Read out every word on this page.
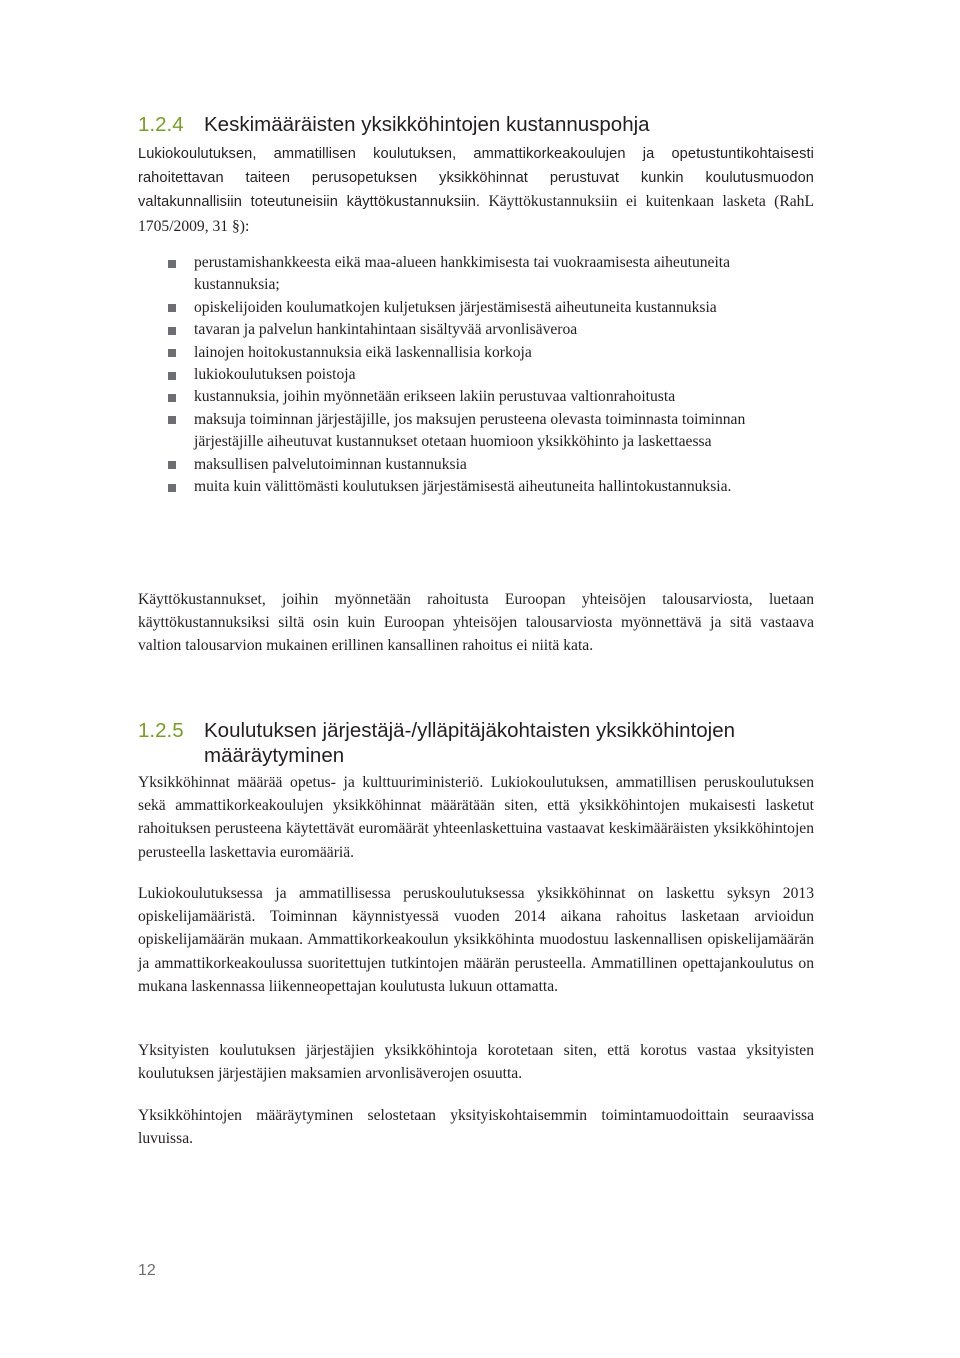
1.2.4 Keskimääräisten yksikköhintojen kustannuspohja

Lukiokoulutuksen, ammatillisen koulutuksen, ammattikorkeakoulujen ja opetustuntikohtaisesti rahoitettavan taiteen perusopetuksen yksikköhinnat perustuvat kunkin koulutusmuodon valtakunnallisiin toteutuneisiin käyttökustannuksiin. Käyttökustannuksiin ei kuitenkaan lasketa (RahL 1705/2009, 31 §):

perustamishankkeesta eikä maa-alueen hankkimisesta tai vuokraamisesta aiheutuneita kustannuksia;
opiskelijoiden koulumatkojen kuljetuksen järjestämisestä aiheutuneita kustannuksia
tavaran ja palvelun hankintahintaan sisältyvää arvonlisäveroa
lainojen hoitokustannuksia eikä laskennallisia korkoja
lukiokoulutuksen poistoja
kustannuksia, joihin myönnetään erikseen lakiin perustuvaa valtionrahoitusta
maksuja toiminnan järjestäjille, jos maksujen perusteena olevasta toiminnasta toiminnan järjestäjille aiheutuvat kustannukset otetaan huomioon yksikköhinto ja laskettaessa
maksullisen palvelutoiminnan kustannuksia
muita kuin välittömästi koulutuksen järjestämisestä aiheutuneita hallintokustannuksia.

Käyttökustannukset, joihin myönnetään rahoitusta Euroopan yhteisöjen talousarviosta, luetaan käyttökustannuksiksi siltä osin kuin Euroopan yhteisöjen talousarviosta myönnettävä ja sitä vastaava valtion talousarvion mukainen erillinen kansallinen rahoitus ei niitä kata.

1.2.5 Koulutuksen järjestäjä-/ylläpitäjäkohtaisten yksikköhintojen määräytyminen

Yksikköhinnat määrää opetus- ja kulttuuriministeriö. Lukiokoulutuksen, ammatillisen peruskoulutuksen sekä ammattikorkeakoulujen yksikköhinnat määrätään siten, että yksikköhintojen mukaisesti lasketut rahoituksen perusteena käytettävät euromäärät yhteenlaskettuina vastaavat keskimääräisten yksikköhintojen perusteella laskettavia euromääriä.

Lukiokoulutuksessa ja ammatillisessa peruskoulutuksessa yksikköhinnat on laskettu syksyn 2013 opiskelijamääristä. Toiminnan käynnistyessä vuoden 2014 aikana rahoitus lasketaan arvioidun opiskelijamäärän mukaan. Ammattikorkeakoulun yksikköhinta muodostuu laskennallisen opiskelijamäärän ja ammattikorkeakoulussa suoritettujen tutkintojen määrän perusteella. Ammatillinen opettajankoulutus on mukana laskennassa liikenneopettajan koulutusta lukuun ottamatta.

Yksityisten koulutuksen järjestäjien yksikköhintoja korotetaan siten, että korotus vastaa yksityisten koulutuksen järjestäjien maksamien arvonlisäverojen osuutta.

Yksikköhintojen määräytyminen selostetaan yksityiskohtaisemmin toimintamuodoittain seuraavissa luvuissa.

12
